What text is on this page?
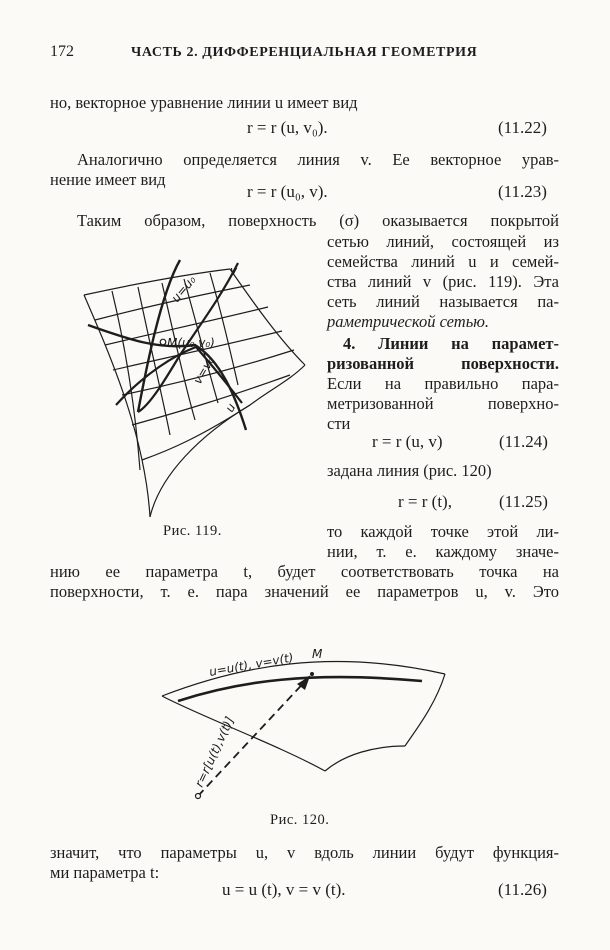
172	ЧАСТЬ 2. ДИФФЕРЕНЦИАЛЬНАЯ ГЕОМЕТРИЯ
но, векторное уравнение линии u имеет вид
r = r (u, v₀).	(11.22)
Аналогично определяется линия v. Ее векторное урав-
нение имеет вид
r = r (u₀, v).	(11.23)
Таким образом, поверхность (σ) оказывается покрытой
сетью линий, состоящей из
семейства линий u и семей-
ства линий v (рис. 119). Эта
сеть линий называется па-
раметрической сетью.
4. Линии на парамет-
ризованной поверхности.
Если на правильно пара-
метризованной поверхно-
сти
r = r (u, v)	(11.24)
задана линия (рис. 120)
r = r (t),	(11.25)
Рис. 119.	то каждой точке этой ли-
нии, т. е. каждому значе-
нию ее параметра t, будет соответствовать точка на
поверхности, т. е. пара значений ее параметров u, v. Это
v
u=u₀
M(u₀,v₀)
v=v₀
u
u=u(t), v=v(t) M
r=r[u(t),v(t)]
Рис. 120.
значит, что параметры u, v вдоль линии будут функция-
ми параметра t:
u = u (t), v = v (t).	(11.26)
